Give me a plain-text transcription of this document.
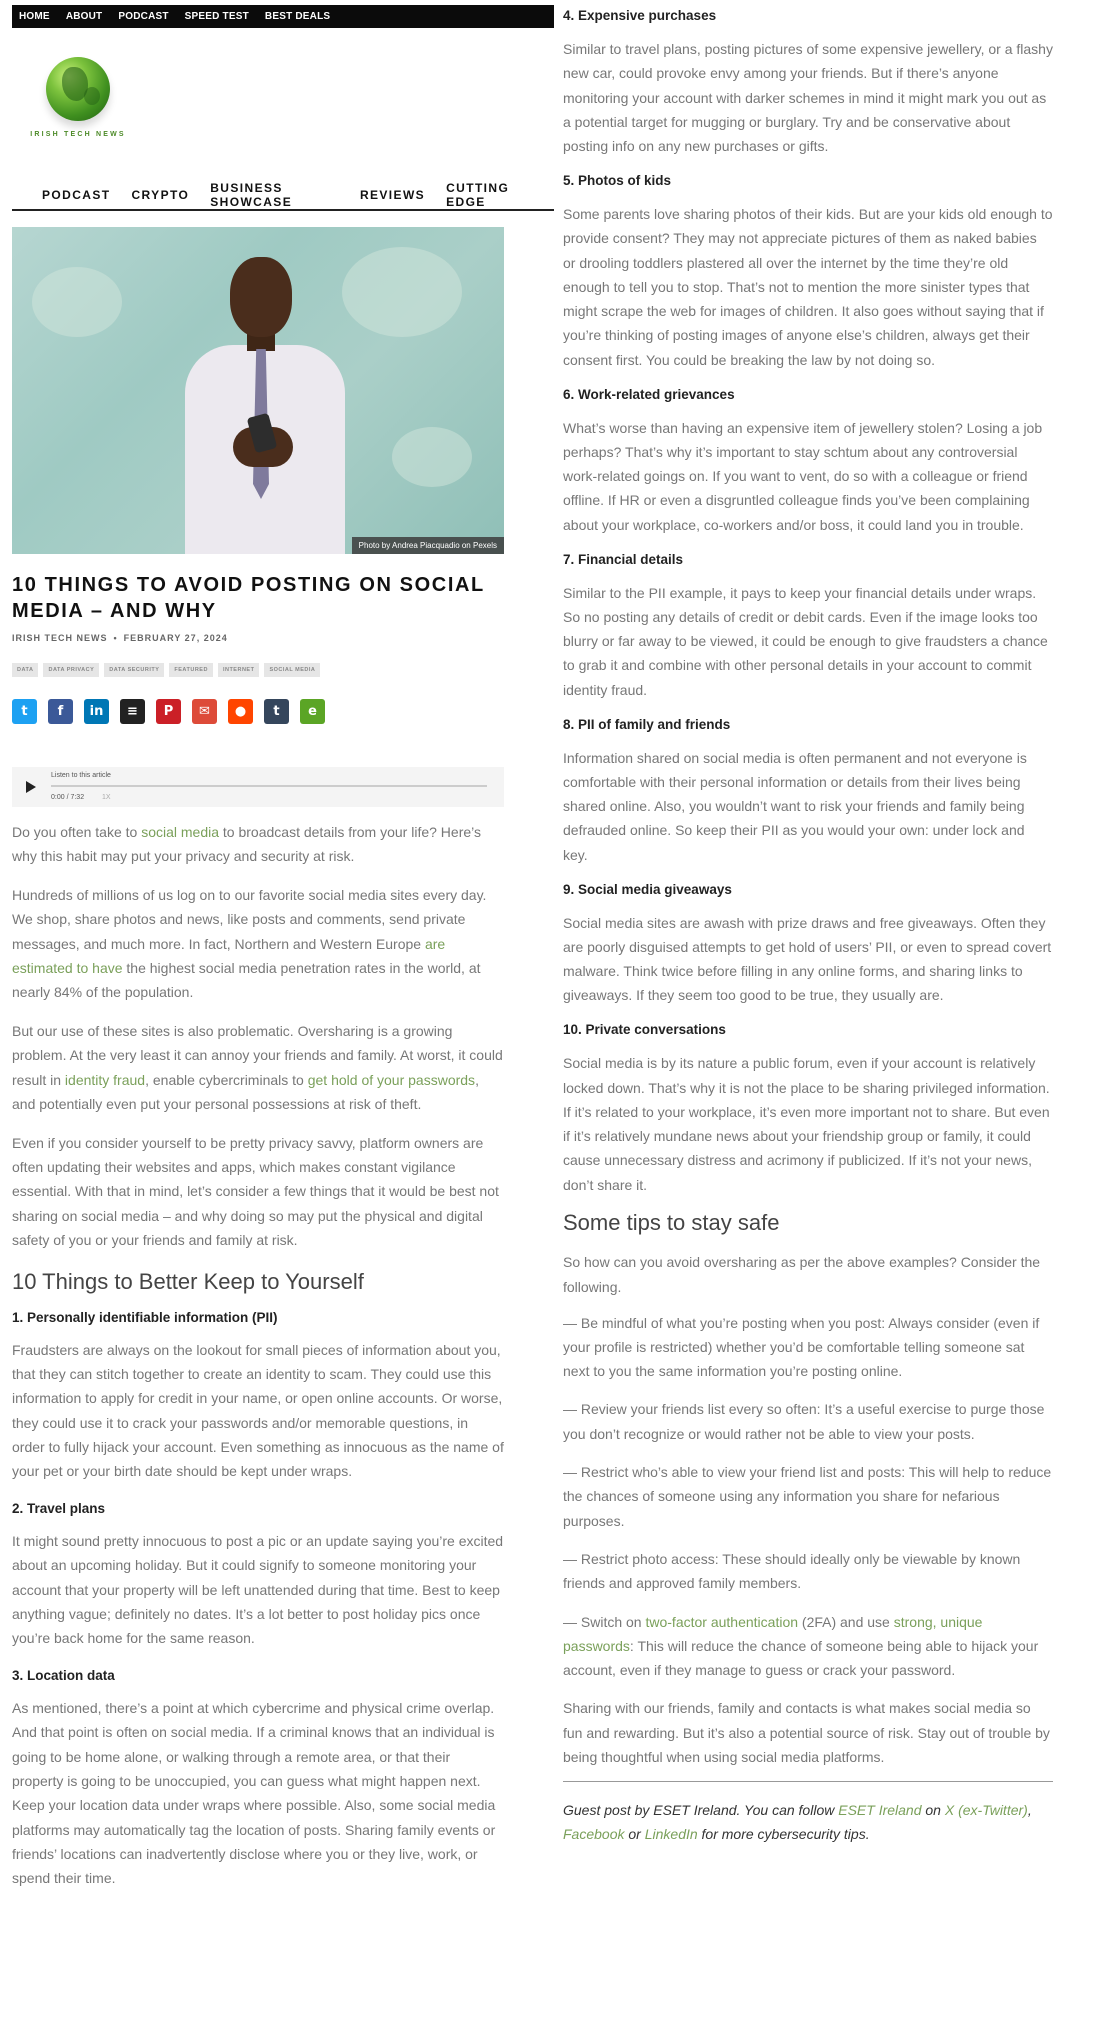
HOME ABOUT PODCAST SPEED TEST BEST DEALS
IRISH TECH NEWS
PODCAST CRYPTO BUSINESS SHOWCASE	REVIEWS CUTTING EDGE
Photo by Andrea Piacquadio on Pexels
10 THINGS TO AVOID POSTING ON SOCIAL MEDIA – AND WHY
IRISH TECH NEWS • FEBRUARY 27, 2024
DATA	DATA PRIVACY	DATA SECURITY	FEATURED	INTERNET	SOCIAL MEDIA
t	f	in	≡	P	✉	●	t	e
Listen to this article
0:00 / 7:32	1X

Do you often take to social media to broadcast details from your life? Here’s why this habit may put your privacy and security at risk.

Hundreds of millions of us log on to our favorite social media sites every day. We shop, share photos and news, like posts and comments, send private messages, and much more. In fact, Northern and Western Europe are estimated to have the highest social media penetration rates in the world, at nearly 84% of the population.

But our use of these sites is also problematic. Oversharing is a growing problem. At the very least it can annoy your friends and family. At worst, it could result in identity fraud, enable cybercriminals to get hold of your passwords, and potentially even put your personal possessions at risk of theft.

Even if you consider yourself to be pretty privacy savvy, platform owners are often updating their websites and apps, which makes constant vigilance essential. With that in mind, let’s consider a few things that it would be best not sharing on social media – and why doing so may put the physical and digital safety of you or your friends and family at risk.

10 Things to Better Keep to Yourself
1. Personally identifiable information (PII)

Fraudsters are always on the lookout for small pieces of information about you, that they can stitch together to create an identity to scam. They could use this information to apply for credit in your name, or open online accounts. Or worse, they could use it to crack your passwords and/or memorable questions, in order to fully hijack your account. Even something as innocuous as the name of your pet or your birth date should be kept under wraps.

2. Travel plans

It might sound pretty innocuous to post a pic or an update saying you’re excited about an upcoming holiday. But it could signify to someone monitoring your account that your property will be left unattended during that time. Best to keep anything vague; definitely no dates. It’s a lot better to post holiday pics once you’re back home for the same reason.

3. Location data

As mentioned, there’s a point at which cybercrime and physical crime overlap. And that point is often on social media. If a criminal knows that an individual is going to be home alone, or walking through a remote area, or that their property is going to be unoccupied, you can guess what might happen next. Keep your location data under wraps where possible. Also, some social media platforms may automatically tag the location of posts. Sharing family events or friends’ locations can inadvertently disclose where you or they live, work, or spend their time.

4. Expensive purchases

Similar to travel plans, posting pictures of some expensive jewellery, or a flashy new car, could provoke envy among your friends. But if there’s anyone monitoring your account with darker schemes in mind it might mark you out as a potential target for mugging or burglary. Try and be conservative about posting info on any new purchases or gifts.

5. Photos of kids

Some parents love sharing photos of their kids. But are your kids old enough to provide consent? They may not appreciate pictures of them as naked babies or drooling toddlers plastered all over the internet by the time they’re old enough to tell you to stop. That’s not to mention the more sinister types that might scrape the web for images of children. It also goes without saying that if you’re thinking of posting images of anyone else’s children, always get their consent first. You could be breaking the law by not doing so.

6. Work-related grievances

What’s worse than having an expensive item of jewellery stolen? Losing a job perhaps? That’s why it’s important to stay schtum about any controversial work-related goings on. If you want to vent, do so with a colleague or friend offline. If HR or even a disgruntled colleague finds you’ve been complaining about your workplace, co-workers and/or boss, it could land you in trouble.

7. Financial details

Similar to the PII example, it pays to keep your financial details under wraps. So no posting any details of credit or debit cards. Even if the image looks too blurry or far away to be viewed, it could be enough to give fraudsters a chance to grab it and combine with other personal details in your account to commit identity fraud.

8. PII of family and friends

Information shared on social media is often permanent and not everyone is comfortable with their personal information or details from their lives being shared online. Also, you wouldn’t want to risk your friends and family being defrauded online. So keep their PII as you would your own: under lock and key.

9. Social media giveaways

Social media sites are awash with prize draws and free giveaways. Often they are poorly disguised attempts to get hold of users’ PII, or even to spread covert malware. Think twice before filling in any online forms, and sharing links to giveaways. If they seem too good to be true, they usually are.

10. Private conversations

Social media is by its nature a public forum, even if your account is relatively locked down. That’s why it is not the place to be sharing privileged information. If it’s related to your workplace, it’s even more important not to share. But even if it’s relatively mundane news about your friendship group or family, it could cause unnecessary distress and acrimony if publicized. If it’s not your news, don’t share it.

Some tips to stay safe

So how can you avoid oversharing as per the above examples? Consider the following.

— Be mindful of what you’re posting when you post: Always consider (even if your profile is restricted) whether you’d be comfortable telling someone sat next to you the same information you’re posting online.

— Review your friends list every so often: It’s a useful exercise to purge those you don’t recognize or would rather not be able to view your posts.

— Restrict who’s able to view your friend list and posts: This will help to reduce the chances of someone using any information you share for nefarious purposes.

— Restrict photo access: These should ideally only be viewable by known friends and approved family members.

— Switch on two-factor authentication (2FA) and use strong, unique passwords: This will reduce the chance of someone being able to hijack your account, even if they manage to guess or crack your password.

Sharing with our friends, family and contacts is what makes social media so fun and rewarding. But it’s also a potential source of risk. Stay out of trouble by being thoughtful when using social media platforms.

Guest post by ESET Ireland. You can follow ESET Ireland on X (ex-Twitter), Facebook or LinkedIn for more cybersecurity tips.
